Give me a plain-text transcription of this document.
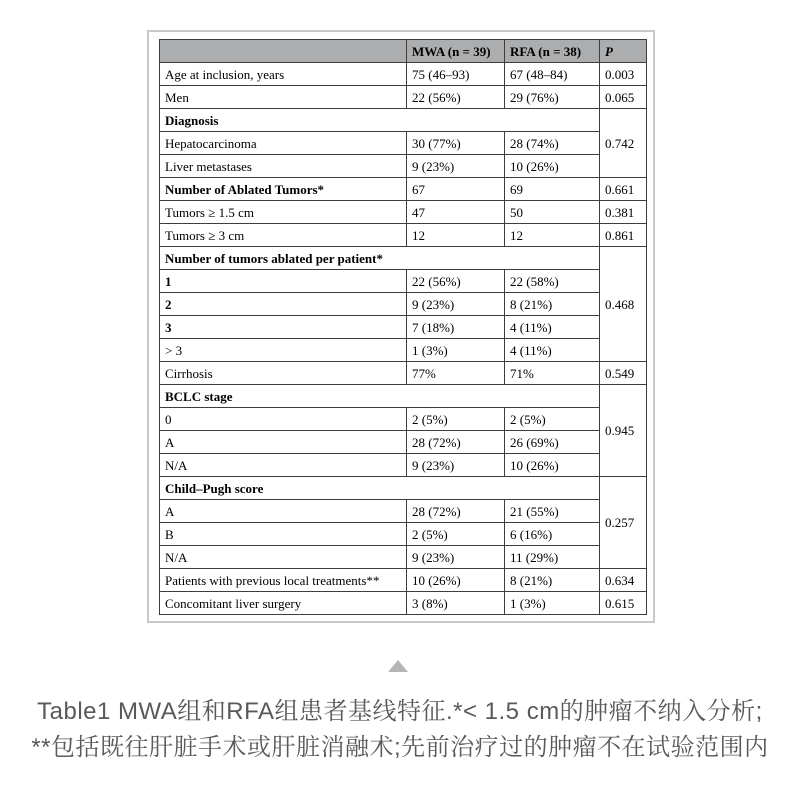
	MWA (n = 39)	RFA (n = 38)	P
Age at inclusion, years	75 (46–93)	67 (48–84)	0.003
Men	22 (56%)	29 (76%)	0.065
Diagnosis			0.742
Hepatocarcinoma	30 (77%)	28 (74%)	
Liver metastases	9 (23%)	10 (26%)	
Number of Ablated Tumors*	67	69	0.661
Tumors ≥ 1.5 cm	47	50	0.381
Tumors ≥ 3 cm	12	12	0.861
Number of tumors ablated per patient*			0.468
1	22 (56%)	22 (58%)	
2	9 (23%)	8 (21%)	
3	7 (18%)	4 (11%)	
> 3	1 (3%)	4 (11%)	
Cirrhosis	77%	71%	0.549
BCLC stage			0.945
0	2 (5%)	2 (5%)	
A	28 (72%)	26 (69%)	
N/A	9 (23%)	10 (26%)	
Child–Pugh score			0.257
A	28 (72%)	21 (55%)	
B	2 (5%)	6 (16%)	
N/A	9 (23%)	11 (29%)	
Patients with previous local treatments**	10 (26%)	8 (21%)	0.634
Concomitant liver surgery	3 (8%)	1 (3%)	0.615
Table1 MWA组和RFA组患者基线特征.*< 1.5 cm的肿瘤不纳入分析;
**包括既往肝脏手术或肝脏消融术;先前治疗过的肿瘤不在试验范围内
